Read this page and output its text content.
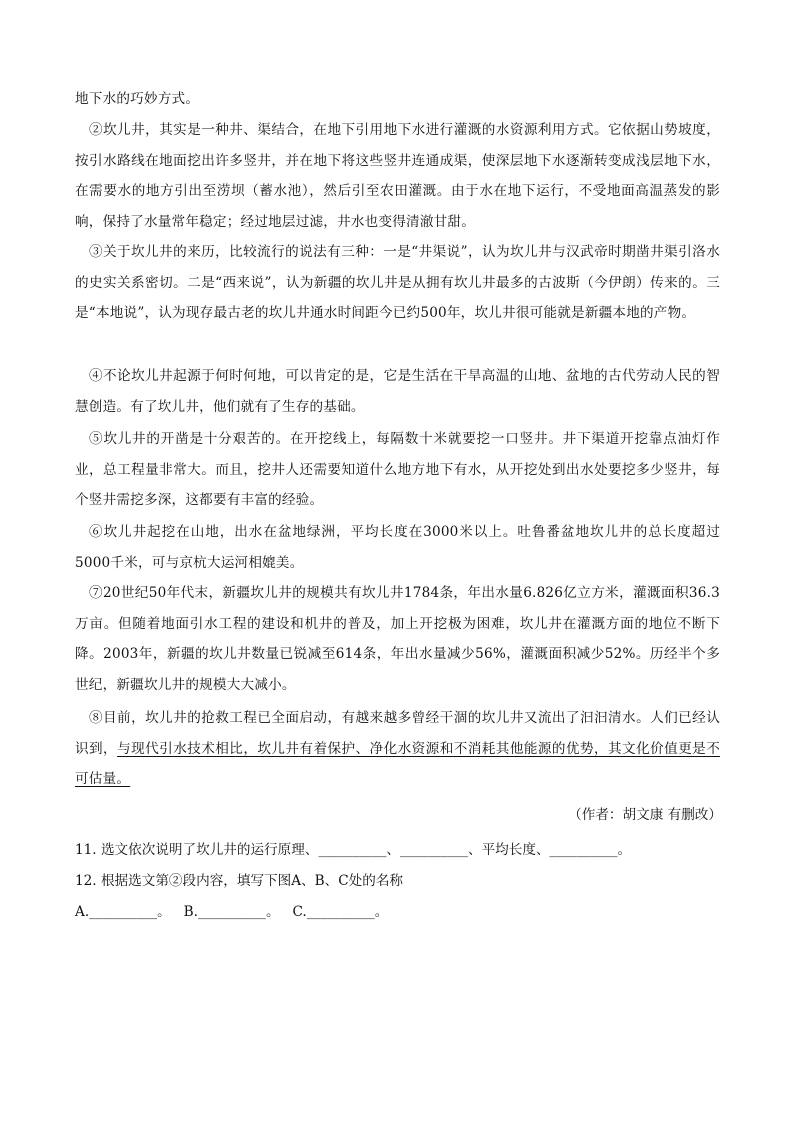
地下水的巧妙方式。

②坎儿井，其实是一种井、渠结合，在地下引用地下水进行灌溉的水资源利用方式。它依据山势坡度，按引水路线在地面挖出许多竖井，并在地下将这些竖井连通成渠，使深层地下水逐渐转变成浅层地下水，在需要水的地方引出至涝坝（蓄水池），然后引至农田灌溉。由于水在地下运行，不受地面高温蒸发的影响，保持了水量常年稳定；经过地层过滤，井水也变得清澈甘甜。

③关于坎儿井的来历，比较流行的说法有三种：一是“井渠说”，认为坎儿井与汉武帝时期凿井渠引洛水的史实关系密切。二是“西来说”，认为新疆的坎儿井是从拥有坎儿井最多的古波斯（今伊朗）传来的。三是“本地说”，认为现存最古老的坎儿井通水时间距今已约500年，坎儿井很可能就是新疆本地的产物。

④不论坎儿井起源于何时何地，可以肯定的是，它是生活在干旱高温的山地、盆地的古代劳动人民的智慧创造。有了坎儿井，他们就有了生存的基础。

⑤坎儿井的开凿是十分艰苦的。在开挖线上，每隔数十米就要挖一口竖井。井下渠道开挖靠点油灯作业，总工程量非常大。而且，挖井人还需要知道什么地方地下有水，从开挖处到出水处要挖多少竖井，每个竖井需挖多深，这都要有丰富的经验。

⑥坎儿井起挖在山地，出水在盆地绿洲，平均长度在3000米以上。吐鲁番盆地坎儿井的总长度超过5000千米，可与京杭大运河相媲美。

⑦20世纪50年代末，新疆坎儿井的规模共有坎儿井1784条，年出水量6.826亿立方米，灌溉面积36.3万亩。但随着地面引水工程的建设和机井的普及，加上开挖极为困难，坎儿井在灌溉方面的地位不断下降。2003年，新疆的坎儿井数量已锐减至614条，年出水量减少56%，灌溉面积减少52%。历经半个多世纪，新疆坎儿井的规模大大减小。

⑧目前，坎儿井的抢救工程已全面启动，有越来越多曾经干涸的坎儿井又流出了汩汩清水。人们已经认识到，与现代引水技术相比，坎儿井有着保护、净化水资源和不消耗其他能源的优势，其文化价值更是不可估量。

（作者：胡文康 有删改）

11. 选文依次说明了坎儿井的运行原理、__________、__________、平均长度、__________。

12. 根据选文第②段内容，填写下图A、B、C处的名称

A.__________。   B.__________。   C.__________。
